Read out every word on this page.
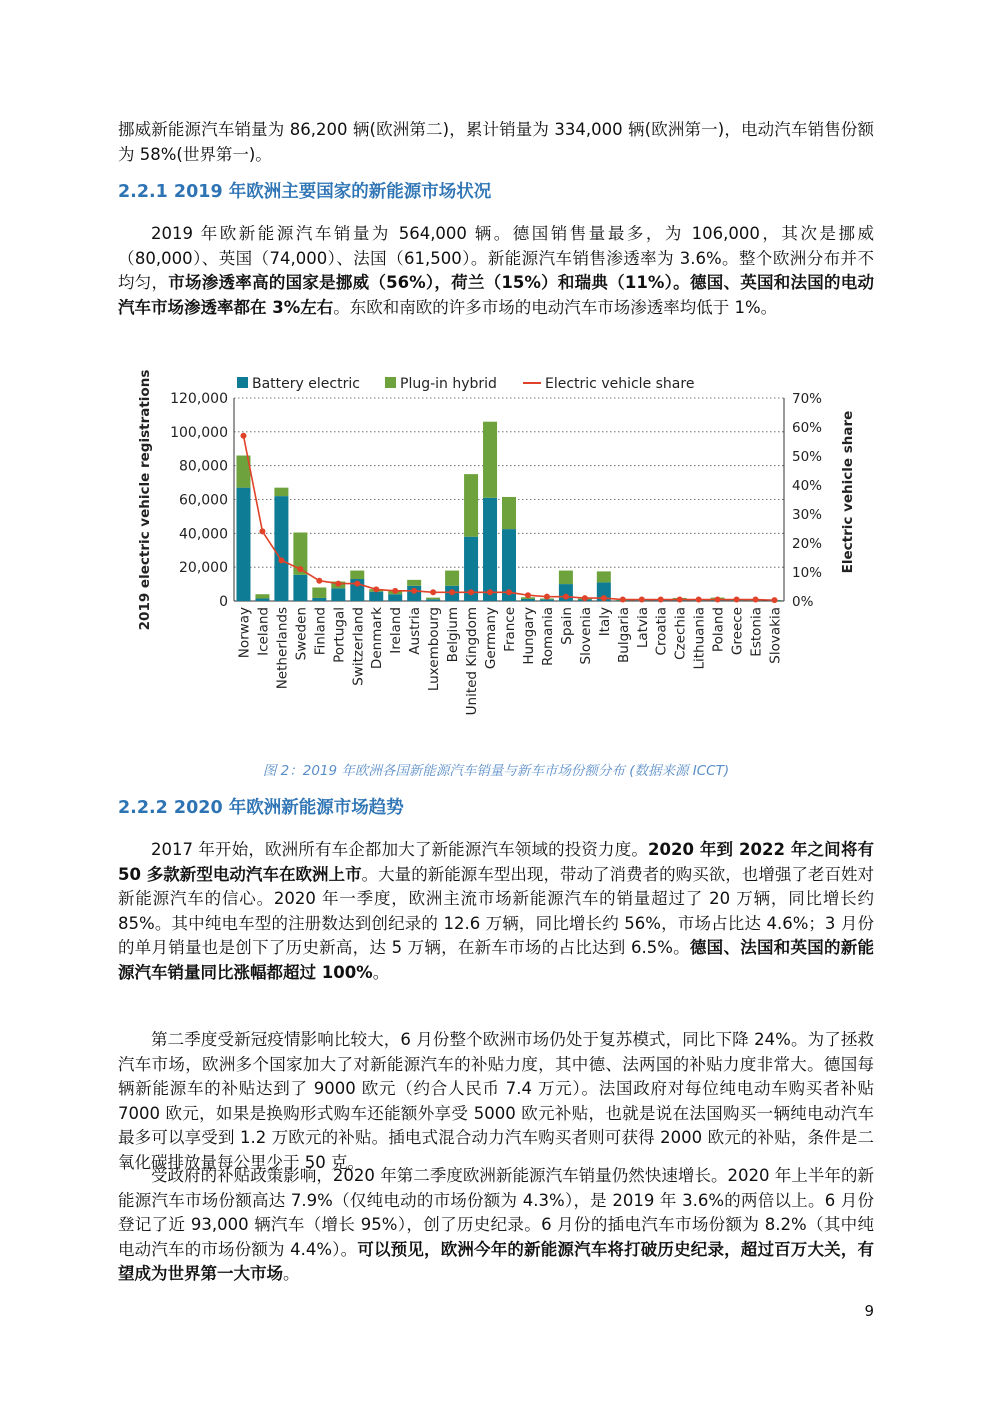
挪威新能源汽车销量为 86,200 辆(欧洲第二)，累计销量为 334,000 辆(欧洲第一)，电动汽车销售份额为 58%(世界第一)。

2.2.1 2019 年欧洲主要国家的新能源市场状况

2019 年欧新能源汽车销量为 564,000 辆。德国销售量最多，为 106,000，其次是挪威（80,000）、英国（74,000）、法国（61,500）。新能源汽车销售渗透率为 3.6%。整个欧洲分布并不均匀，市场渗透率高的国家是挪威（56%），荷兰（15%）和瑞典（11%）。德国、英国和法国的电动汽车市场渗透率都在 3%左右。东欧和南欧的许多市场的电动汽车市场渗透率均低于 1%。

0
20,000
40,000
60,000
80,000
100,000
120,000
0%
10%
20%
30%
40%
50%
60%
70%
Norway Iceland Netherlands Sweden Finland Portugal Switzerland Denmark Ireland Austria Luxembourg Belgium United Kingdom Germany France Hungary Romania Spain Slovenia Italy Bulgaria Latvia Croatia Czechia Lithuania Poland Greece Estonia Slovakia
2019 electric vehicle registrations	Electric vehicle share
Battery electric	Plug-in hybrid	Electric vehicle share

图 2：2019 年欧洲各国新能源汽车销量与新车市场份额分布 (数据来源 ICCT)

2.2.2 2020 年欧洲新能源市场趋势

2017 年开始，欧洲所有车企都加大了新能源汽车领域的投资力度。2020 年到 2022 年之间将有 50 多款新型电动汽车在欧洲上市。大量的新能源车型出现，带动了消费者的购买欲，也增强了老百姓对新能源汽车的信心。2020 年一季度，欧洲主流市场新能源汽车的销量超过了 20 万辆，同比增长约 85%。其中纯电车型的注册数达到创纪录的 12.6 万辆，同比增长约 56%，市场占比达 4.6%；3 月份的单月销量也是创下了历史新高，达 5 万辆，在新车市场的占比达到 6.5%。德国、法国和英国的新能源汽车销量同比涨幅都超过 100%。

第二季度受新冠疫情影响比较大，6 月份整个欧洲市场仍处于复苏模式，同比下降 24%。为了拯救汽车市场，欧洲多个国家加大了对新能源汽车的补贴力度，其中德、法两国的补贴力度非常大。德国每辆新能源车的补贴达到了 9000 欧元（约合人民币 7.4 万元）。法国政府对每位纯电动车购买者补贴 7000 欧元，如果是换购形式购车还能额外享受 5000 欧元补贴，也就是说在法国购买一辆纯电动汽车最多可以享受到 1.2 万欧元的补贴。插电式混合动力汽车购买者则可获得 2000 欧元的补贴，条件是二氧化碳排放量每公里少于 50 克。

受政府的补贴政策影响，2020 年第二季度欧洲新能源汽车销量仍然快速增长。2020 年上半年的新能源汽车市场份额高达 7.9%（仅纯电动的市场份额为 4.3%），是 2019 年 3.6%的两倍以上。6 月份登记了近 93,000 辆汽车（增长 95%），创了历史纪录。6 月份的插电汽车市场份额为 8.2%（其中纯电动汽车的市场份额为 4.4%）。可以预见，欧洲今年的新能源汽车将打破历史纪录，超过百万大关，有望成为世界第一大市场。

9
